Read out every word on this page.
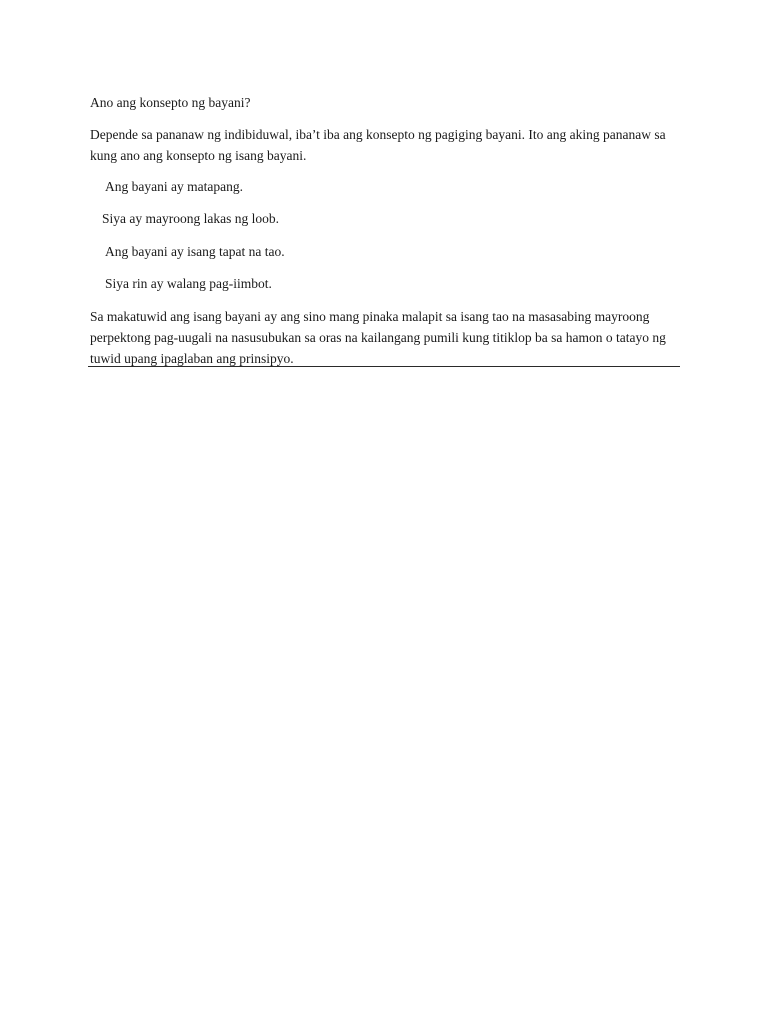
Ano ang konsepto ng bayani?

Depende sa pananaw ng indibiduwal, iba’t iba ang konsepto ng pagiging bayani. Ito ang aking pananaw sa kung ano ang konsepto ng isang bayani.

Ang bayani ay matapang.

Siya ay mayroong lakas ng loob.

Ang bayani ay isang tapat na tao.

Siya rin ay walang pag-iimbot.

Sa makatuwid ang isang bayani ay ang sino mang pinaka malapit sa isang tao na masasabing mayroong perpektong pag-uugali na nasusubukan sa oras na kailangang pumili kung titiklop ba sa hamon o tatayo ng tuwid upang ipaglaban ang prinsipyo.
